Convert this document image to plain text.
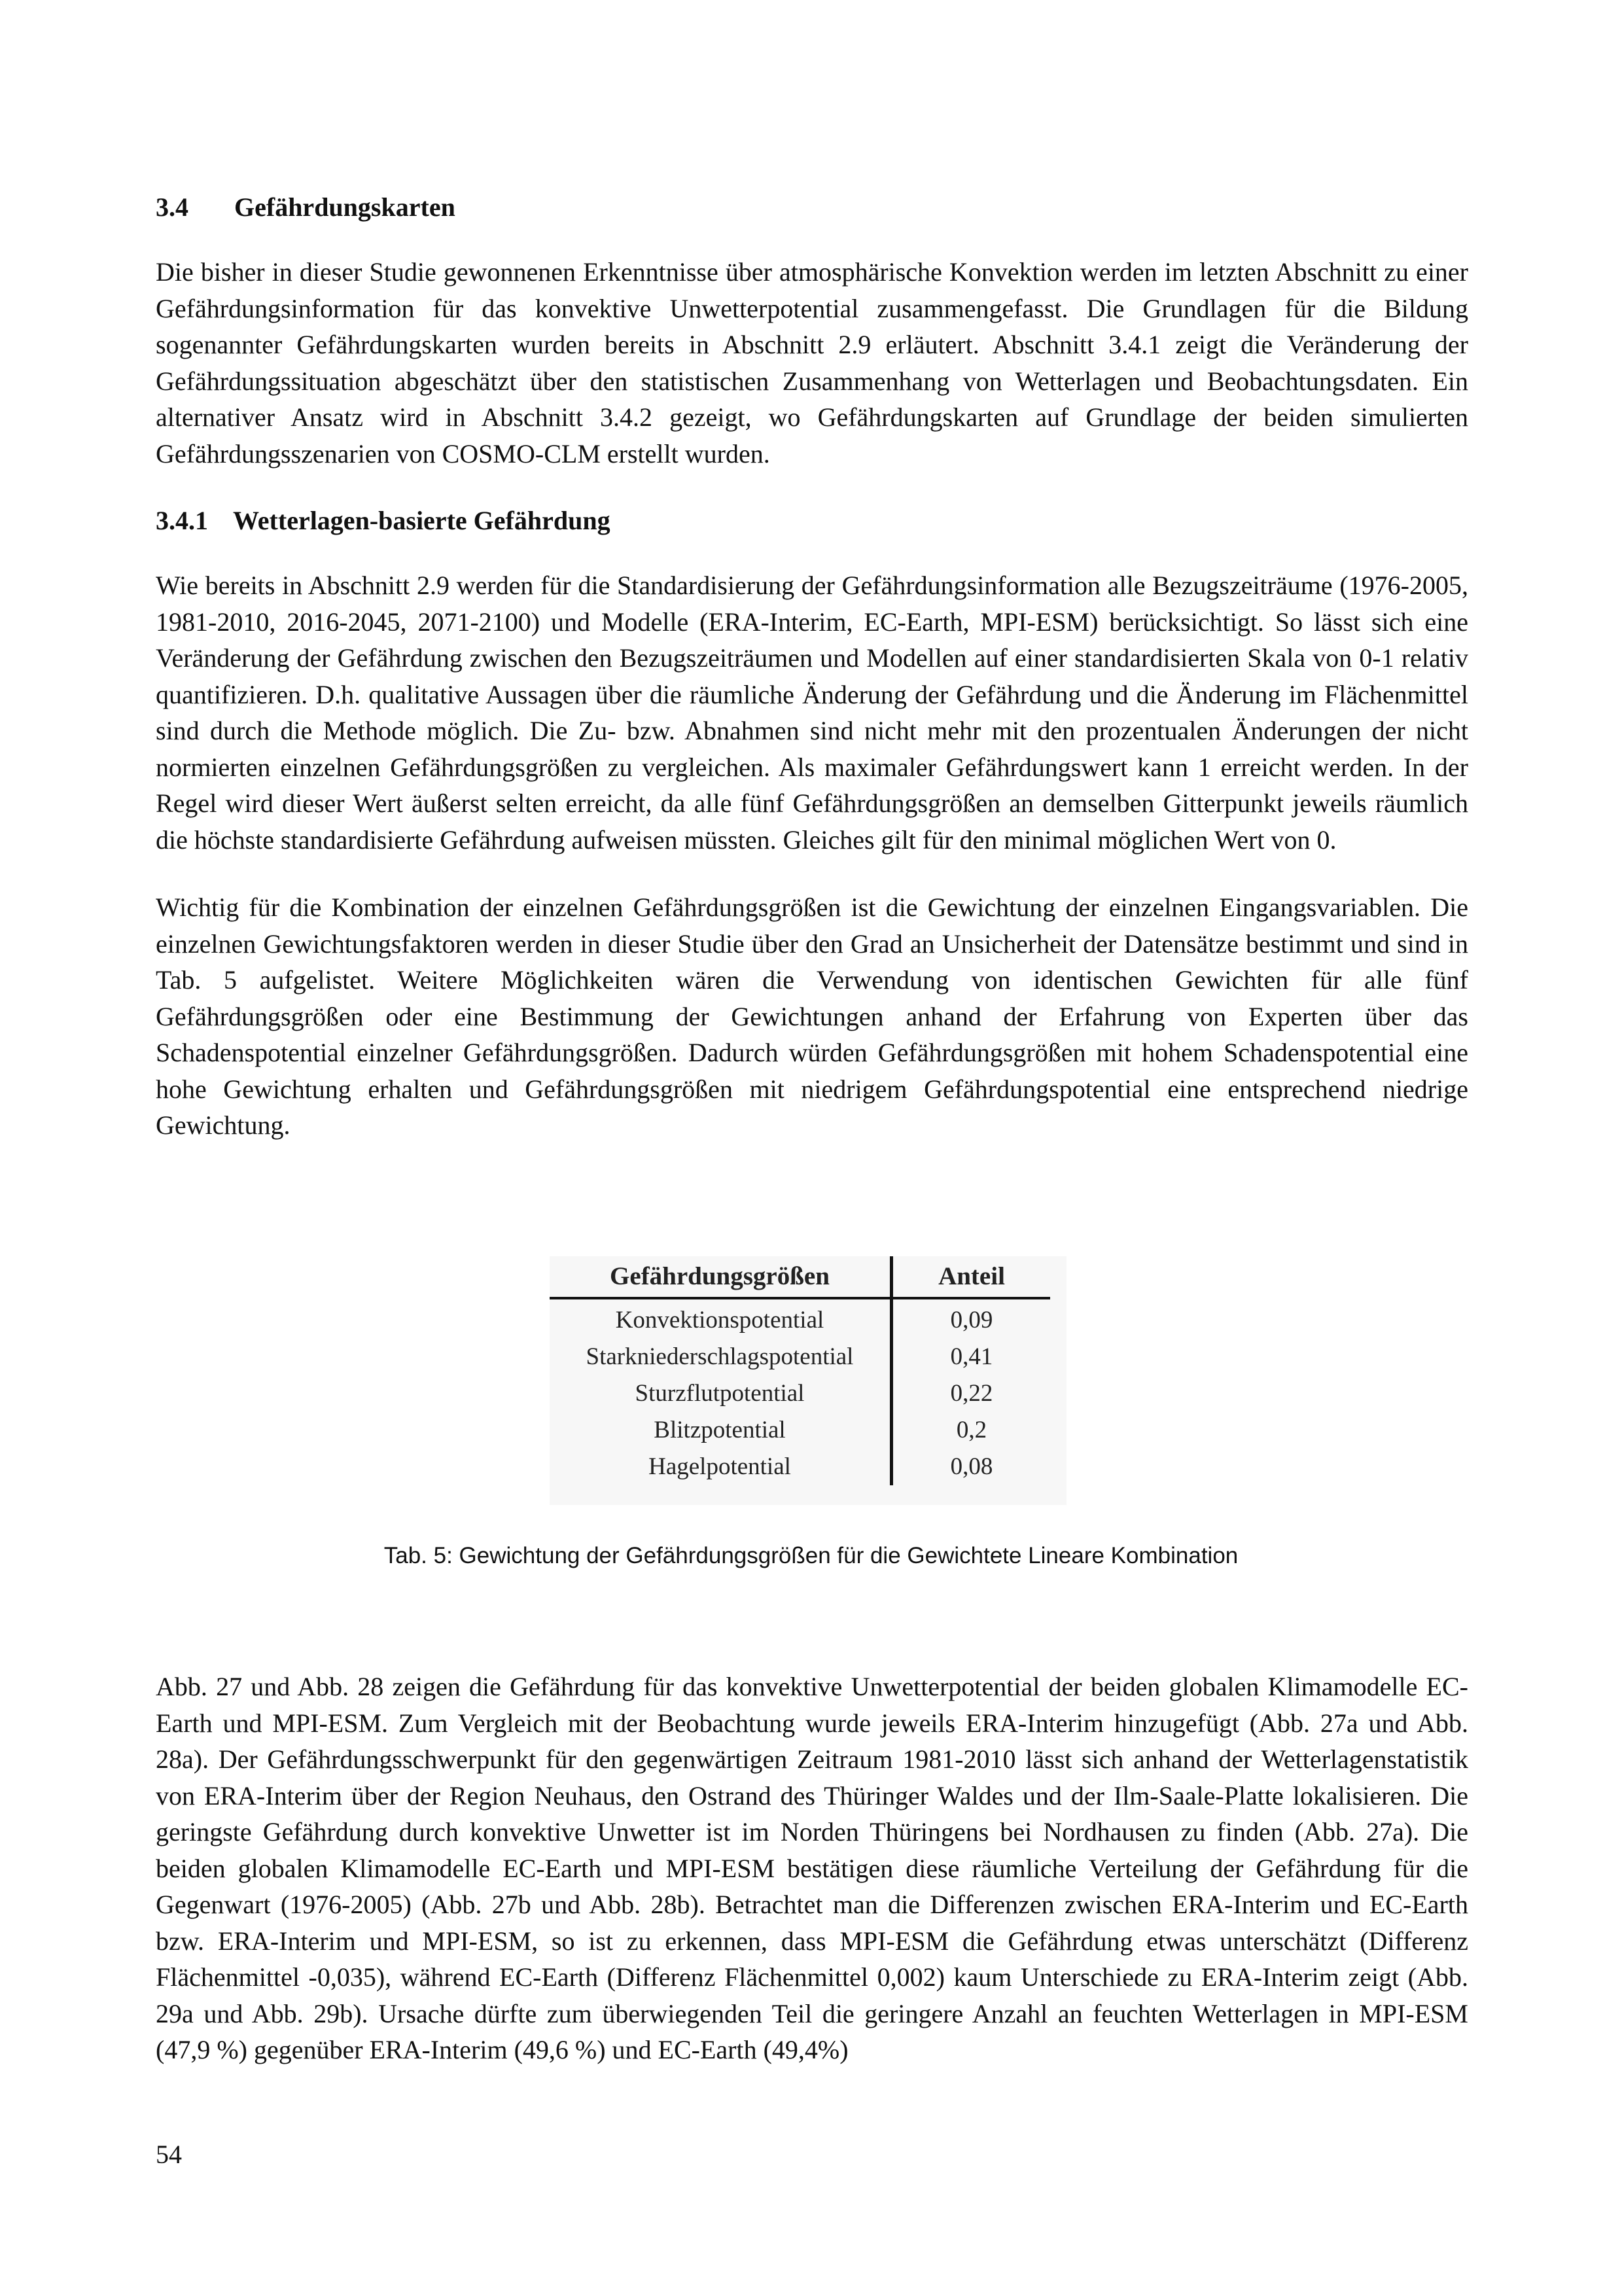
3.4	Gefährdungskarten

Die bisher in dieser Studie gewonnenen Erkenntnisse über atmosphärische Konvektion werden im letzten Abschnitt zu einer Gefährdungsinformation für das konvektive Unwetterpotential zusammengefasst. Die Grundlagen für die Bildung sogenannter Gefährdungskarten wurden bereits in Abschnitt 2.9 erläutert. Abschnitt 3.4.1 zeigt die Veränderung der Gefährdungssituation abgeschätzt über den statistischen Zusammenhang von Wetterlagen und Beobachtungsdaten. Ein alternativer Ansatz wird in Abschnitt 3.4.2 gezeigt, wo Gefährdungskarten auf Grundlage der beiden simulierten Gefährdungsszenarien von COSMO-CLM erstellt wurden.

3.4.1 Wetterlagen-basierte Gefährdung

Wie bereits in Abschnitt 2.9 werden für die Standardisierung der Gefährdungsinformation alle Bezugszeiträume (1976-2005, 1981-2010, 2016-2045, 2071-2100) und Modelle (ERA-Interim, EC-Earth, MPI-ESM) berücksichtigt. So lässt sich eine Veränderung der Gefährdung zwischen den Bezugszeiträumen und Modellen auf einer standardisierten Skala von 0-1 relativ quantifizieren. D.h. qualitative Aussagen über die räumliche Änderung der Gefährdung und die Änderung im Flächenmittel sind durch die Methode möglich. Die Zu- bzw. Abnahmen sind nicht mehr mit den prozentualen Änderungen der nicht normierten einzelnen Gefährdungsgrößen zu vergleichen. Als maximaler Gefährdungswert kann 1 erreicht werden. In der Regel wird dieser Wert äußerst selten erreicht, da alle fünf Gefährdungsgrößen an demselben Gitterpunkt jeweils räumlich die höchste standardisierte Gefährdung aufweisen müssten. Gleiches gilt für den minimal möglichen Wert von 0.

Wichtig für die Kombination der einzelnen Gefährdungsgrößen ist die Gewichtung der einzelnen Eingangsvariablen. Die einzelnen Gewichtungsfaktoren werden in dieser Studie über den Grad an Unsicherheit der Datensätze bestimmt und sind in Tab. 5 aufgelistet. Weitere Möglichkeiten wären die Verwendung von identischen Gewichten für alle fünf Gefährdungsgrößen oder eine Bestimmung der Gewichtungen anhand der Erfahrung von Experten über das Schadenspotential einzelner Gefährdungsgrößen. Dadurch würden Gefährdungsgrößen mit hohem Schadenspotential eine hohe Gewichtung erhalten und Gefährdungsgrößen mit niedrigem Gefährdungspotential eine entsprechend niedrige Gewichtung.

Gefährdungsgrößen	Anteil
Konvektionspotential	0,09
Starkniederschlagspotential	0,41
Sturzflutpotential	0,22
Blitzpotential	0,2
Hagelpotential	0,08
Tab. 5: Gewichtung der Gefährdungsgrößen für die Gewichtete Lineare Kombination

Abb. 27 und Abb. 28 zeigen die Gefährdung für das konvektive Unwetterpotential der beiden globalen Klimamodelle EC-Earth und MPI-ESM. Zum Vergleich mit der Beobachtung wurde jeweils ERA-Interim hinzugefügt (Abb. 27a und Abb. 28a). Der Gefährdungsschwerpunkt für den gegenwärtigen Zeitraum 1981-2010 lässt sich anhand der Wetterlagenstatistik von ERA-Interim über der Region Neuhaus, den Ostrand des Thüringer Waldes und der Ilm-Saale-Platte lokalisieren. Die geringste Gefährdung durch konvektive Unwetter ist im Norden Thüringens bei Nordhausen zu finden (Abb. 27a). Die beiden globalen Klimamodelle EC-Earth und MPI-ESM bestätigen diese räumliche Verteilung der Gefährdung für die Gegenwart (1976-2005) (Abb. 27b und Abb. 28b). Betrachtet man die Differenzen zwischen ERA-Interim und EC-Earth bzw. ERA-Interim und MPI-ESM, so ist zu erkennen, dass MPI-ESM die Gefährdung etwas unterschätzt (Differenz Flächenmittel -0,035), während EC-Earth (Differenz Flächenmittel 0,002) kaum Unterschiede zu ERA-Interim zeigt (Abb. 29a und Abb. 29b). Ursache dürfte zum überwiegenden Teil die geringere Anzahl an feuchten Wetterlagen in MPI-ESM (47,9 %) gegenüber ERA-Interim (49,6 %) und EC-Earth (49,4%)

54
